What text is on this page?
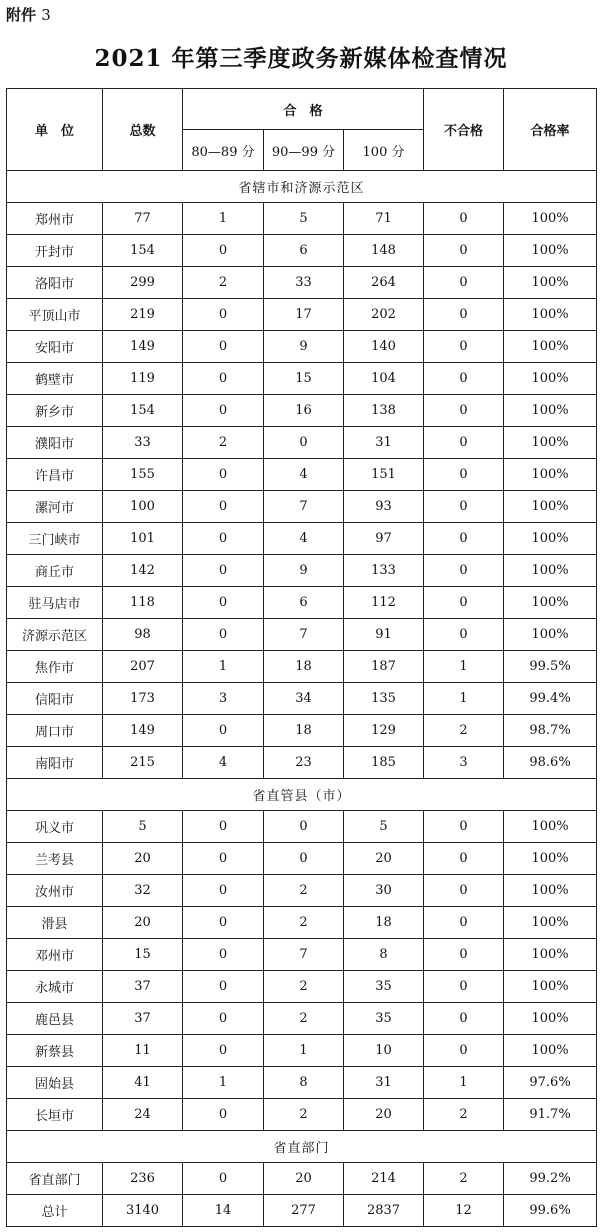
附件 3
2021 年第三季度政务新媒体检查情况
单　位	总数	合　格			不合格	合格率
		80—89 分	90—99 分	100 分		
省辖市和济源示范区						
郑州市	77	1	5	71	0	100%
开封市	154	0	6	148	0	100%
洛阳市	299	2	33	264	0	100%
平顶山市	219	0	17	202	0	100%
安阳市	149	0	9	140	0	100%
鹤壁市	119	0	15	104	0	100%
新乡市	154	0	16	138	0	100%
濮阳市	33	2	0	31	0	100%
许昌市	155	0	4	151	0	100%
漯河市	100	0	7	93	0	100%
三门峡市	101	0	4	97	0	100%
商丘市	142	0	9	133	0	100%
驻马店市	118	0	6	112	0	100%
济源示范区	98	0	7	91	0	100%
焦作市	207	1	18	187	1	99.5%
信阳市	173	3	34	135	1	99.4%
周口市	149	0	18	129	2	98.7%
南阳市	215	4	23	185	3	98.6%
省直管县（市）						
巩义市	5	0	0	5	0	100%
兰考县	20	0	0	20	0	100%
汝州市	32	0	2	30	0	100%
滑县	20	0	2	18	0	100%
邓州市	15	0	7	8	0	100%
永城市	37	0	2	35	0	100%
鹿邑县	37	0	2	35	0	100%
新蔡县	11	0	1	10	0	100%
固始县	41	1	8	31	1	97.6%
长垣市	24	0	2	20	2	91.7%
省直部门						
省直部门	236	0	20	214	2	99.2%
总计	3140	14	277	2837	12	99.6%
